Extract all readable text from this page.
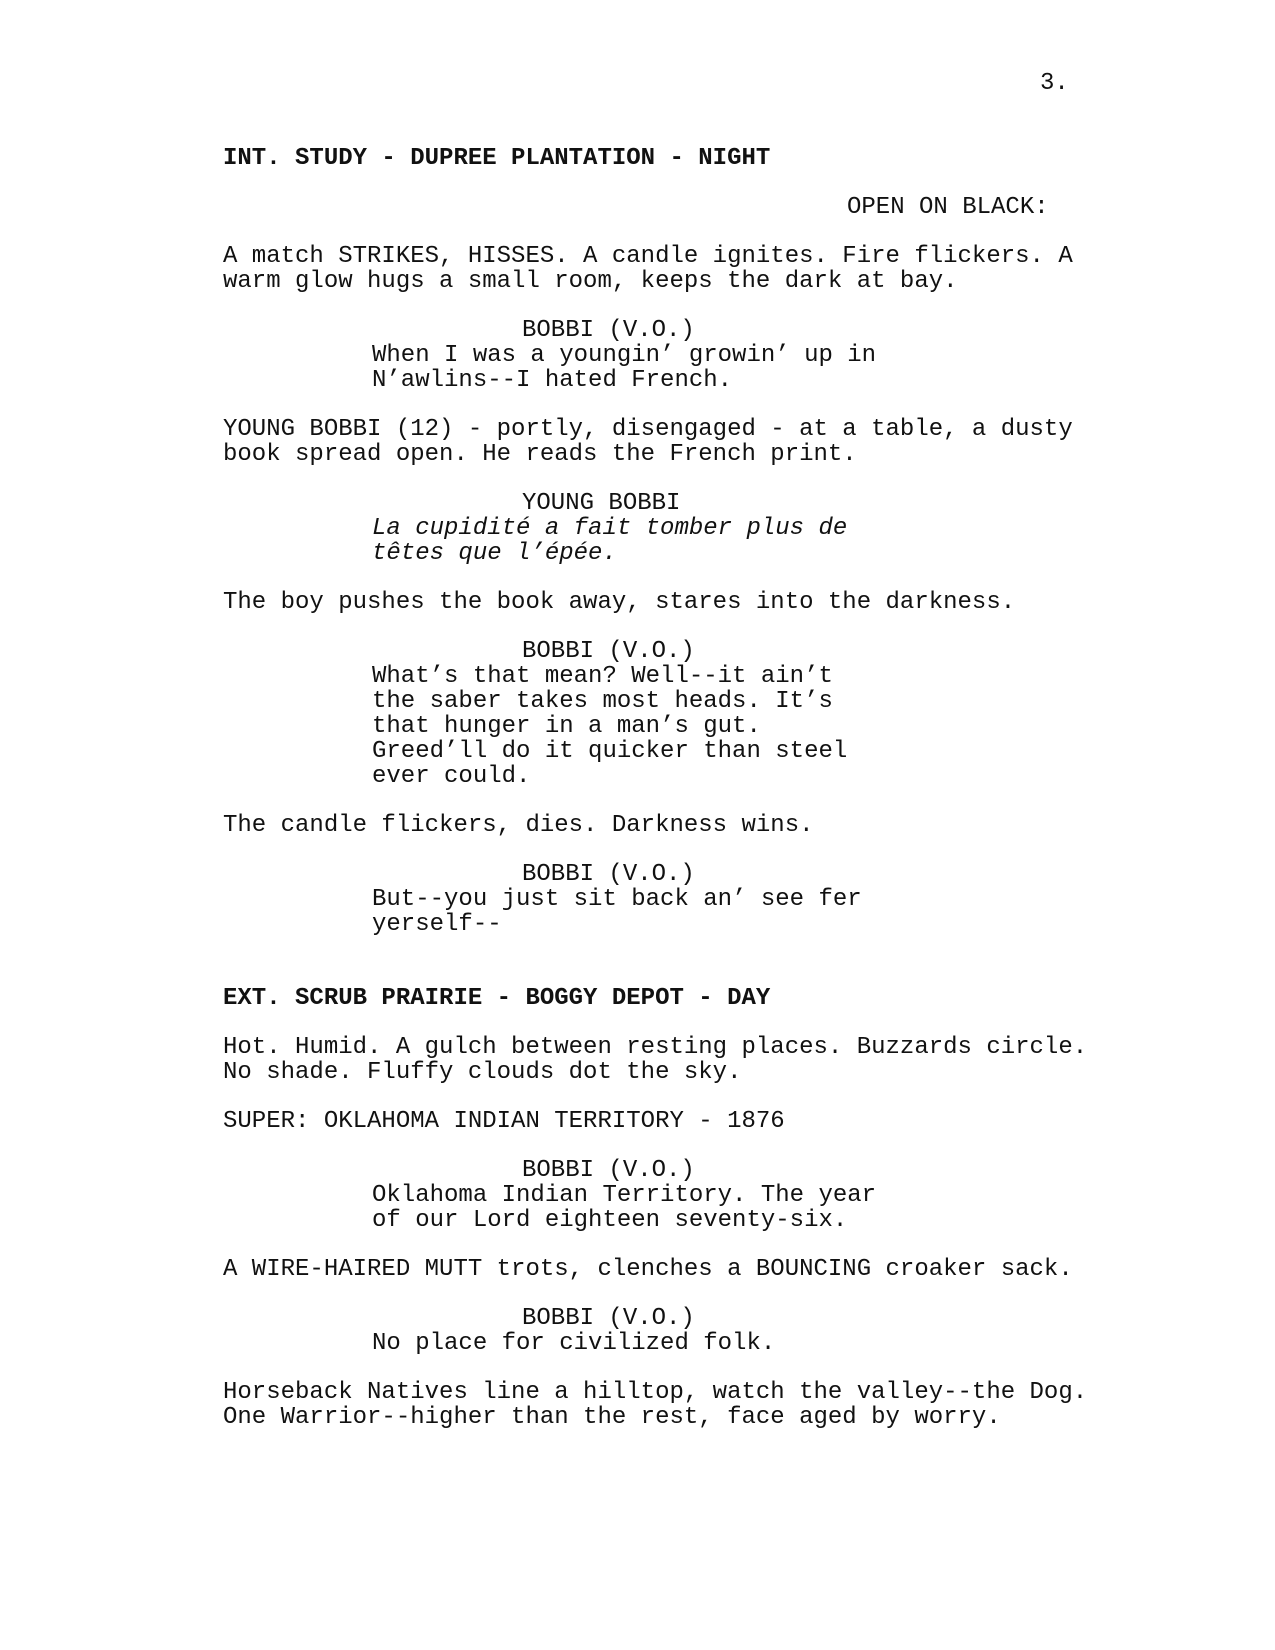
3.
INT. STUDY - DUPREE PLANTATION - NIGHT
OPEN ON BLACK:
A match STRIKES, HISSES. A candle ignites. Fire flickers. A
warm glow hugs a small room, keeps the dark at bay.
BOBBI (V.O.)
When I was a youngin’ growin’ up in
N’awlins--I hated French.
YOUNG BOBBI (12) - portly, disengaged - at a table, a dusty
book spread open. He reads the French print.
YOUNG BOBBI
La cupidité a fait tomber plus de
têtes que l’épée.
The boy pushes the book away, stares into the darkness.
BOBBI (V.O.)
What’s that mean? Well--it ain’t
the saber takes most heads. It’s
that hunger in a man’s gut.
Greed’ll do it quicker than steel
ever could.
The candle flickers, dies. Darkness wins.
BOBBI (V.O.)
But--you just sit back an’ see fer
yerself--
EXT. SCRUB PRAIRIE - BOGGY DEPOT - DAY
Hot. Humid. A gulch between resting places. Buzzards circle.
No shade. Fluffy clouds dot the sky.
SUPER: OKLAHOMA INDIAN TERRITORY - 1876
BOBBI (V.O.)
Oklahoma Indian Territory. The year
of our Lord eighteen seventy-six.
A WIRE-HAIRED MUTT trots, clenches a BOUNCING croaker sack.
BOBBI (V.O.)
No place for civilized folk.
Horseback Natives line a hilltop, watch the valley--the Dog.
One Warrior--higher than the rest, face aged by worry.
